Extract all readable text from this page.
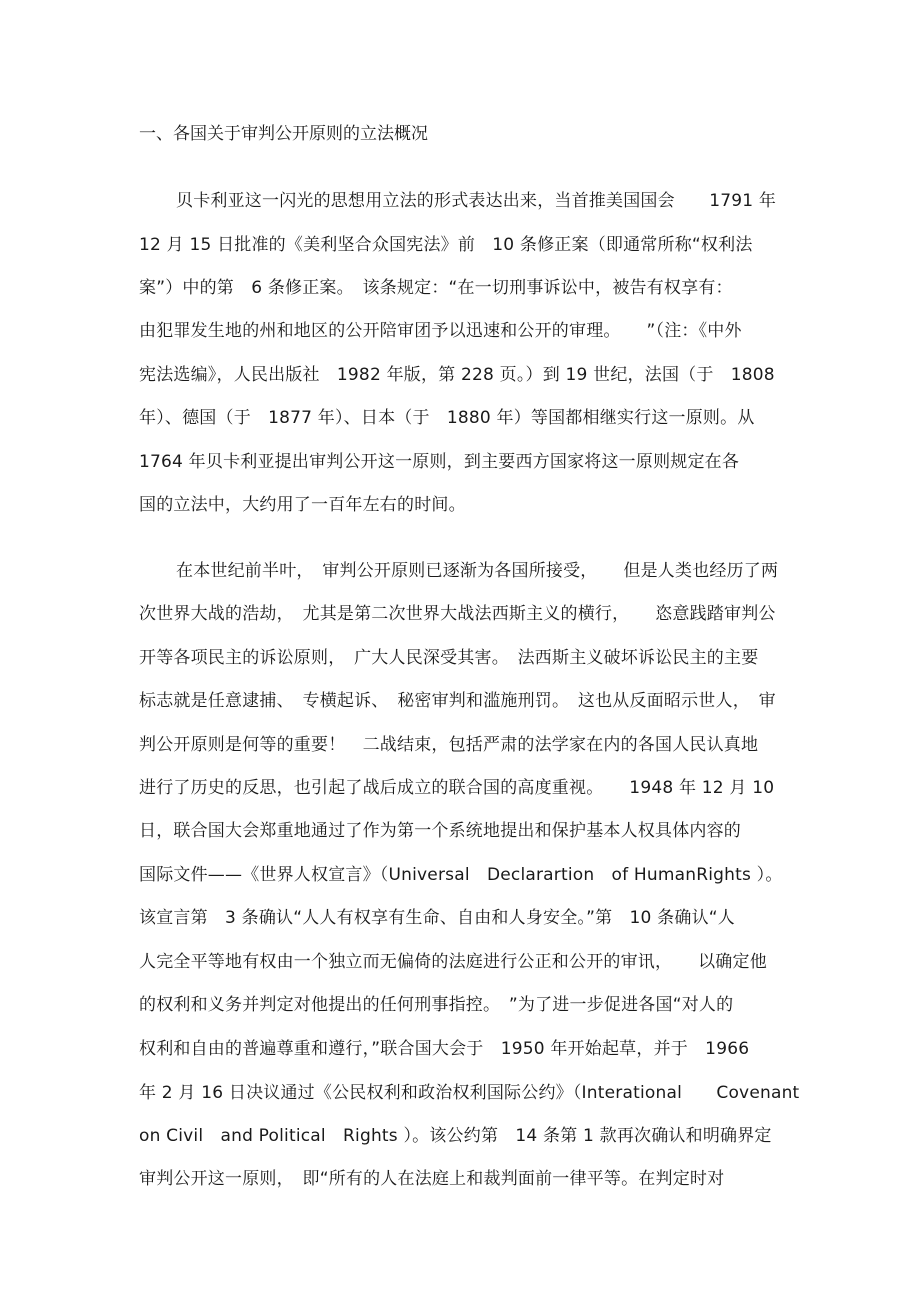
一、各国关于审判公开原则的立法概况
贝卡利亚这一闪光的思想用立法的形式表达出来，当首推美国国会　　1791 年
12 月 15 日批准的《美利坚合众国宪法》前　10 条修正案（即通常所称“权利法
案”）中的第　6 条修正案。　该条规定：“在一切刑事诉讼中，被告有权享有：
由犯罪发生地的州和地区的公开陪审团予以迅速和公开的审理。　　”（注：《中外
宪法选编》，人民出版社　1982 年版，第 228 页。）到 19 世纪，法国（于　1808
年）、德国（于　1877 年）、日本（于　1880 年）等国都相继实行这一原则。从
1764 年贝卡利亚提出审判公开这一原则，到主要西方国家将这一原则规定在各
国的立法中，大约用了一百年左右的时间。
在本世纪前半叶，　审判公开原则已逐渐为各国所接受，　　但是人类也经历了两
次世界大战的浩劫，　尤其是第二次世界大战法西斯主义的横行，　　恣意践踏审判公
开等各项民主的诉讼原则，　广大人民深受其害。　法西斯主义破坏诉讼民主的主要
标志就是任意逮捕、　专横起诉、　秘密审判和滥施刑罚。　这也从反面昭示世人，　审
判公开原则是何等的重要！　二战结束，包括严肃的法学家在内的各国人民认真地
进行了历史的反思，也引起了战后成立的联合国的高度重视。　　1948 年 12 月 10
日，联合国大会郑重地通过了作为第一个系统地提出和保护基本人权具体内容的
国际文件——《世界人权宣言》（Universal　Declarartion　of HumanRights ）。
该宣言第　3 条确认“人人有权享有生命、自由和人身安全。”第　10 条确认“人
人完全平等地有权由一个独立而无偏倚的法庭进行公正和公开的审讯，　　以确定他
的权利和义务并判定对他提出的任何刑事指控。　”为了进一步促进各国“对人的
权利和自由的普遍尊重和遵行，”联合国大会于　1950 年开始起草，并于　1966
年 2 月 16 日决议通过《公民权利和政治权利国际公约》（Interational　　Covenant
on Civil　and Political　Rights ）。该公约第　14 条第 1 款再次确认和明确界定
审判公开这一原则，　即“所有的人在法庭上和裁判面前一律平等。在判定时对
